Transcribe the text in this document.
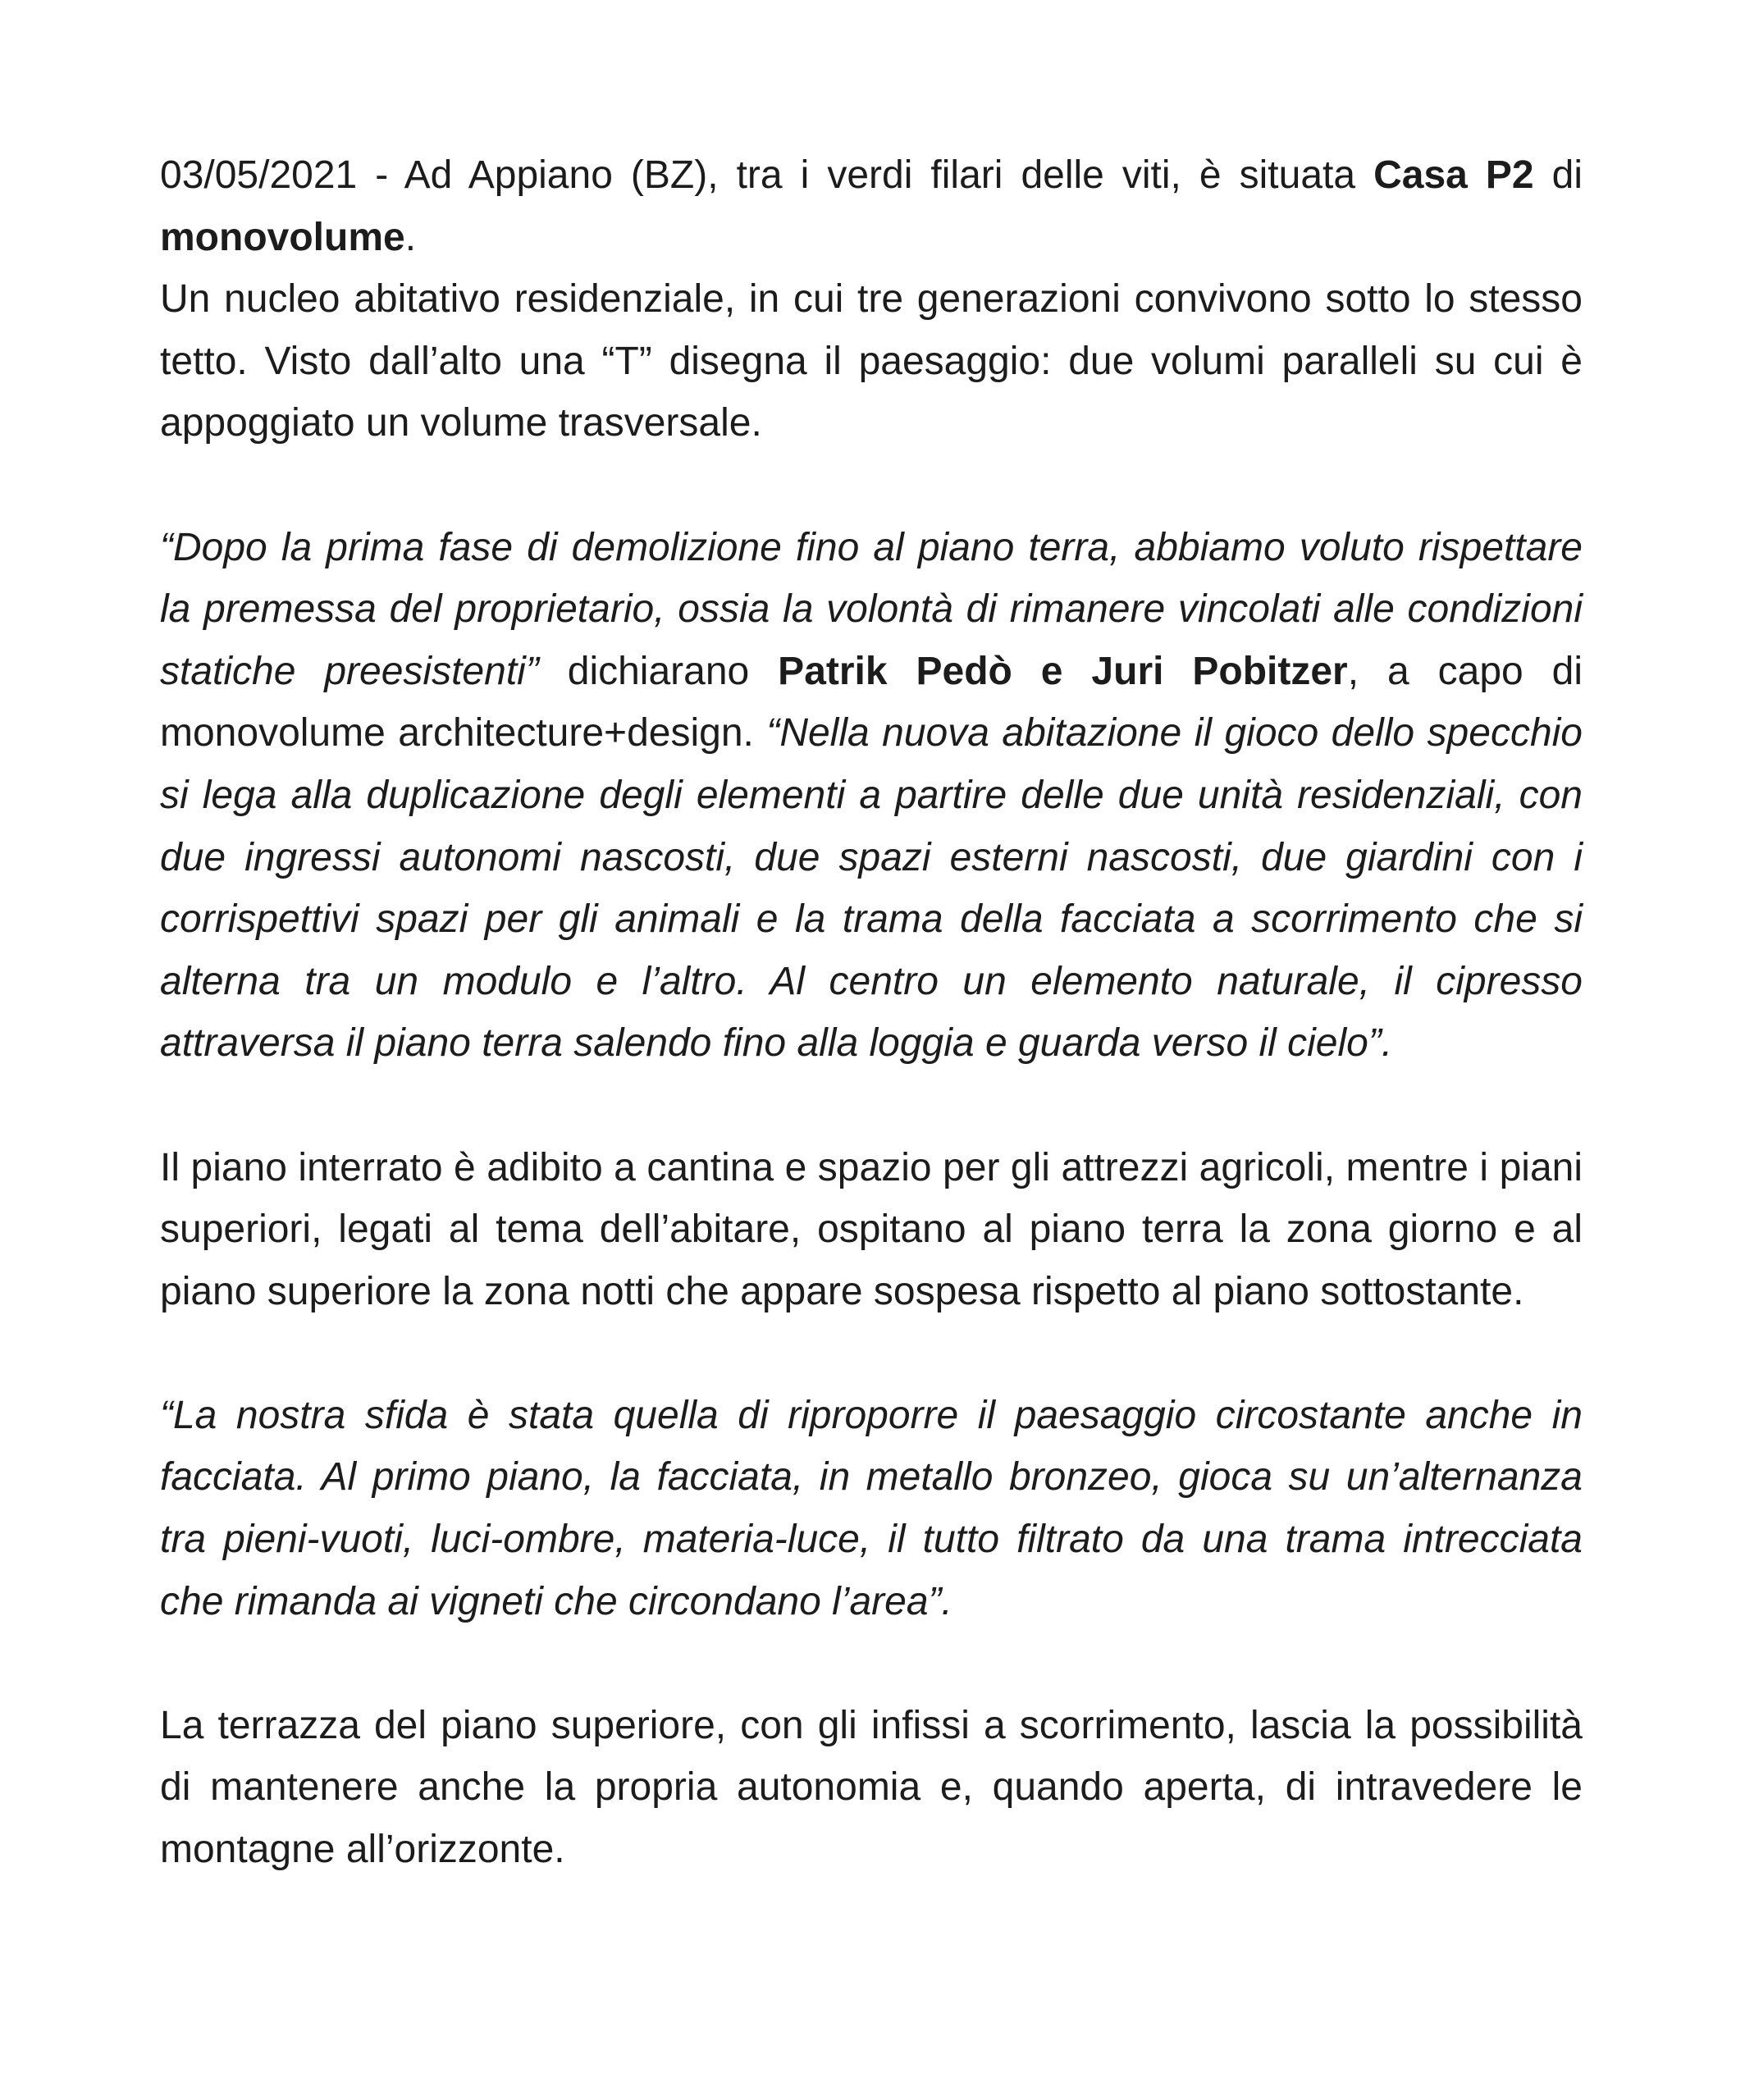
03/05/2021 - Ad Appiano (BZ), tra i verdi filari delle viti, è situata Casa P2 di monovolume.

Un nucleo abitativo residenziale, in cui tre generazioni convivono sotto lo stesso tetto. Visto dall’alto una “T” disegna il paesaggio: due volumi paralleli su cui è appoggiato un volume trasversale.

“Dopo la prima fase di demolizione fino al piano terra, abbiamo voluto rispettare la premessa del proprietario, ossia la volontà di rimanere vincolati alle condizioni statiche preesistenti” dichiarano Patrik Pedò e Juri Pobitzer, a capo di monovolume architecture+design. “Nella nuova abitazione il gioco dello specchio si lega alla duplicazione degli elementi a partire delle due unità residenziali, con due ingressi autonomi nascosti, due spazi esterni nascosti, due giardini con i corrispettivi spazi per gli animali e la trama della facciata a scorrimento che si alterna tra un modulo e l’altro. Al centro un elemento naturale, il cipresso attraversa il piano terra salendo fino alla loggia e guarda verso il cielo”.

Il piano interrato è adibito a cantina e spazio per gli attrezzi agricoli, mentre i piani superiori, legati al tema dell’abitare, ospitano al piano terra la zona giorno e al piano superiore la zona notti che appare sospesa rispetto al piano sottostante.

“La nostra sfida è stata quella di riproporre il paesaggio circostante anche in facciata. Al primo piano, la facciata, in metallo bronzeo, gioca su un’alternanza tra pieni-vuoti, luci-ombre, materia-luce, il tutto filtrato da una trama intrecciata che rimanda ai vigneti che circondano l’area”.

La terrazza del piano superiore, con gli infissi a scorrimento, lascia la possibilità di mantenere anche la propria autonomia e, quando aperta, di intravedere le montagne all’orizzonte.
